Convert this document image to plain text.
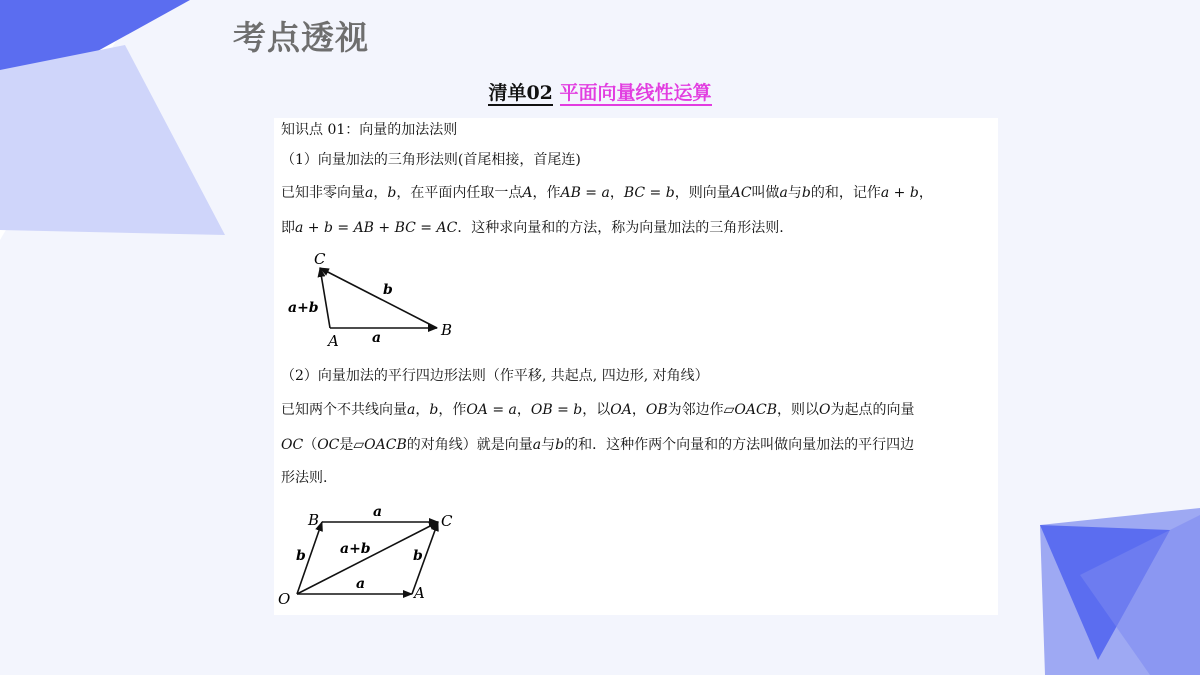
考点透视
清单02 平面向量线性运算
知识点 01：向量的加法法则
（1）向量加法的三角形法则(首尾相接，首尾连)
已知非零向量a，b，在平面内任取一点A，作AB = a，BC = b，则向量AC叫做a与b的和，记作a + b，
即a + b = AB + BC = AC．这种求向量和的方法，称为向量加法的三角形法则.
C
A
B
a
b
a+b
（2）向量加法的平行四边形法则（作平移, 共起点, 四边形, 对角线）
已知两个不共线向量a，b，作OA = a，OB = b，以OA，OB为邻边作▱OACB，则以O为起点的向量
OC（OC是▱OACB的对角线）就是向量a与b的和．这种作两个向量和的方法叫做向量加法的平行四边
形法则.
B	C
O	A
a
a
b	b
a+b
